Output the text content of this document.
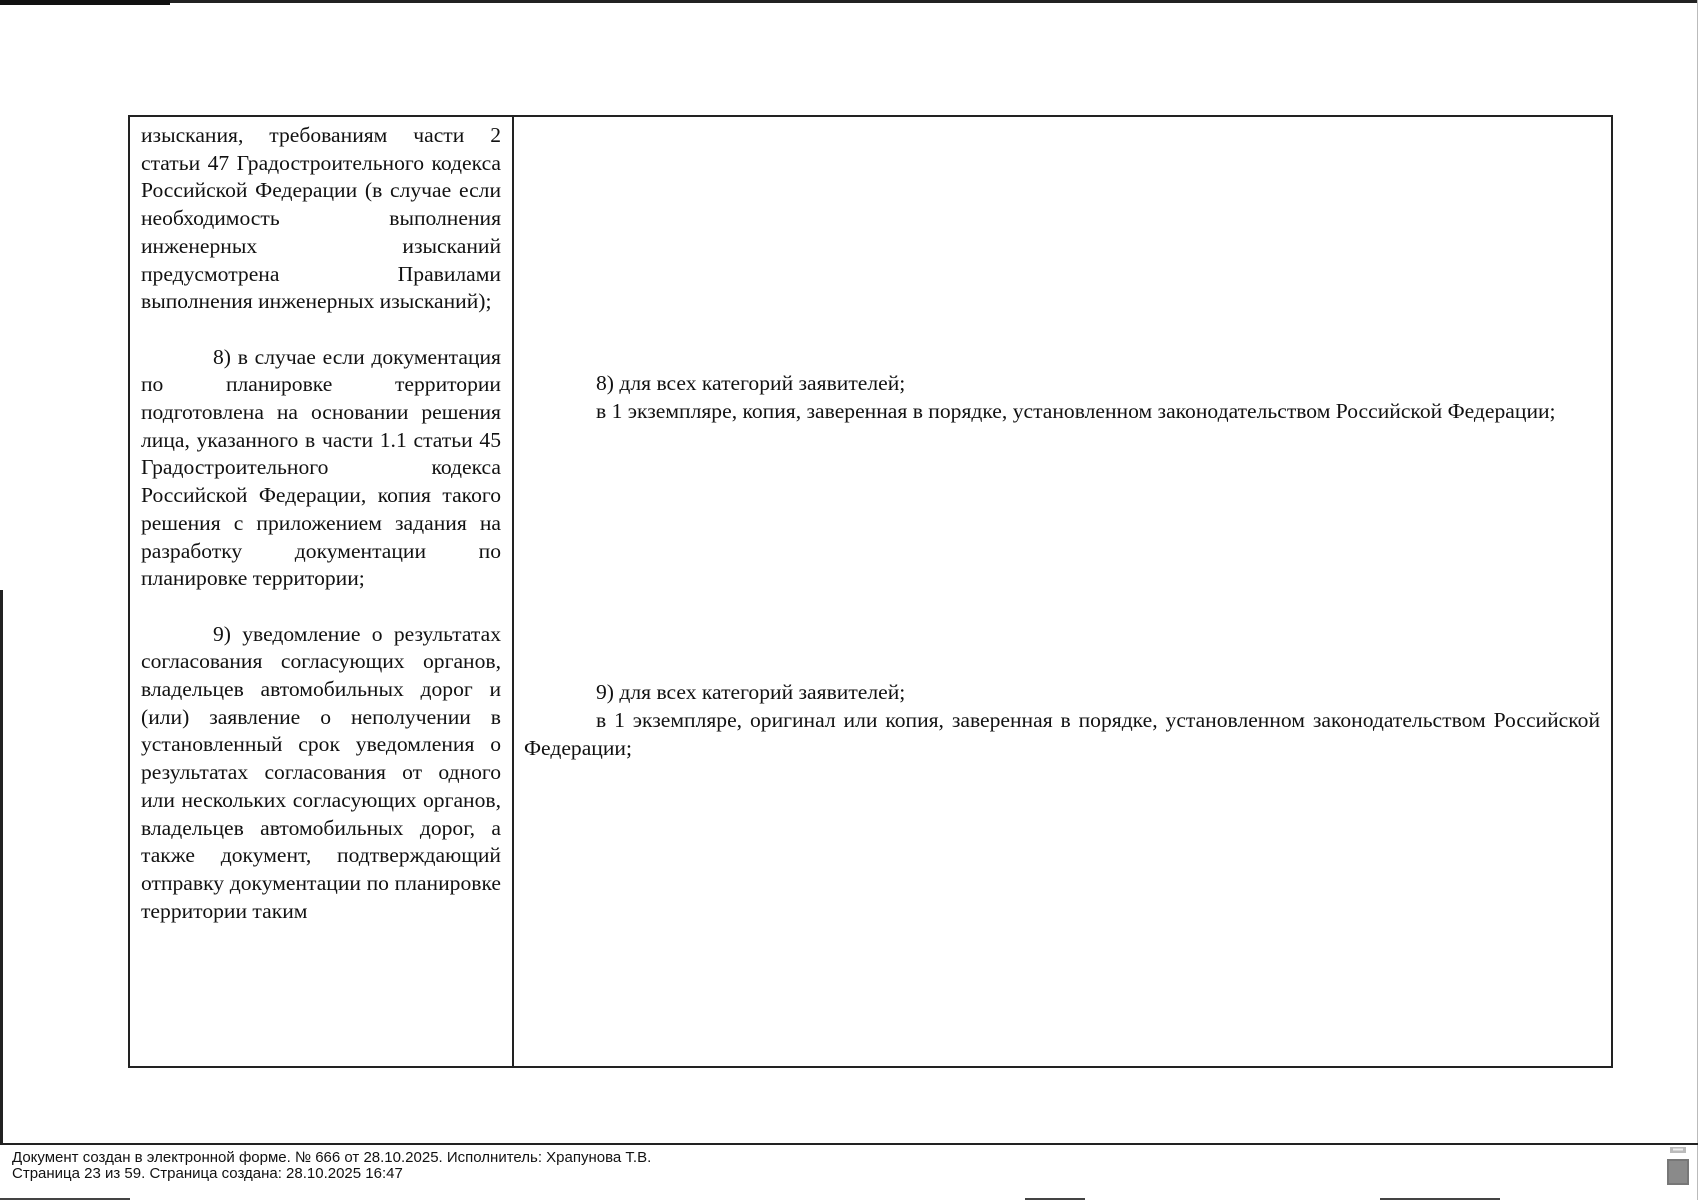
изыскания, требованиям части 2 статьи 47 Градостроительного кодекса Российской Федерации (в случае если необходимость выполнения инженерных изысканий предусмотрена Правилами выполнения инженерных изысканий);

8) в случае если документация по планировке территории подготовлена на основании решения лица, указанного в части 1.1 статьи 45 Градостроительного кодекса Российской Федерации, копия такого решения с приложением задания на разработку документации по планировке территории;

9) уведомление о результатах согласования согласующих органов, владельцев автомобильных дорог и (или) заявление о неполучении в установленный срок уведомления о результатах согласования от одного или нескольких согласующих органов, владельцев автомобильных дорог, а также документ, подтверждающий отправку документации по планировке территории таким

8) для всех категорий заявителей;

в 1 экземпляре, копия, заверенная в порядке, установленном законодательством Российской Федерации;

9) для всех категорий заявителей;

в 1 экземпляре, оригинал или копия, заверенная в порядке, установленном законодательством Российской Федерации;

Документ создан в электронной форме. № 666 от 28.10.2025. Исполнитель: Храпунова Т.В.
Страница 23 из 59. Страница создана: 28.10.2025 16:47
